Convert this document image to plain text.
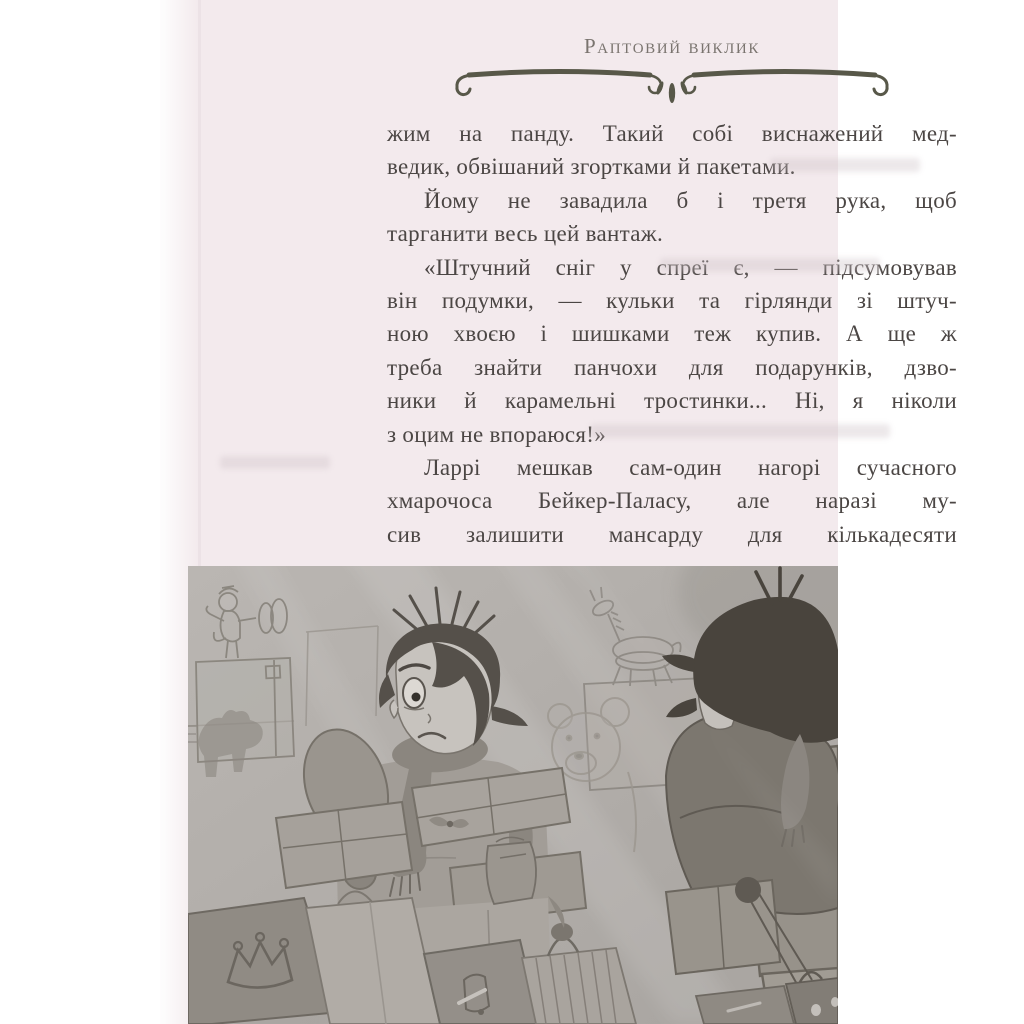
Раптовий виклик
жим на панду. Такий собі виснажений мед-
ведик, обвішаний згортками й пакетами.
Йому не завадила б і третя рука, щоб
тарганити весь цей вантаж.
«Штучний сніг у спреї є, — підсумовував
він подумки, — кульки та гірлянди зі штуч-
ною хвоєю і шишками теж купив. А ще ж
треба знайти панчохи для подарунків, дзво-
ники й карамельні тростинки... Ні, я ніколи
з оцим не впораюся!»
Ларрі мешкав сам-один нагорі сучасного
хмарочоса Бейкер-Паласу, але наразі му-
сив залишити мансарду для кількадесяти
